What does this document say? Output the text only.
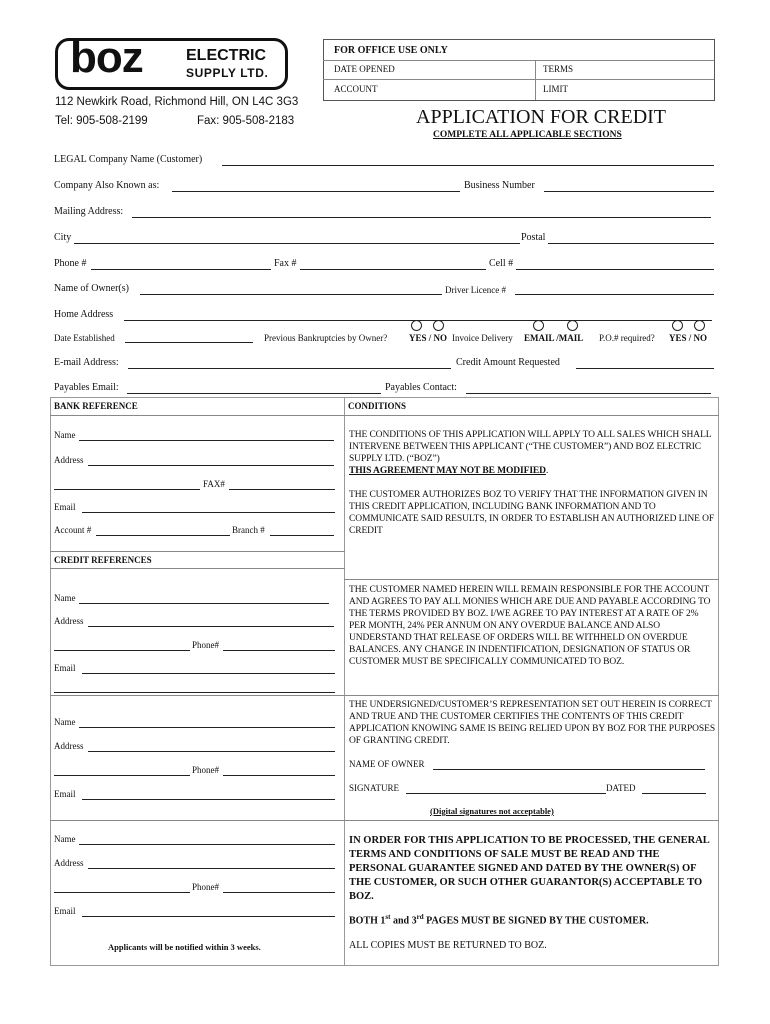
boz	ELECTRIC
SUPPLY LTD.
112 Newkirk Road, Richmond Hill, ON L4C 3G3
Tel: 905-508-2199	Fax: 905-508-2183
FOR OFFICE USE ONLY
DATE OPENED	TERMS
ACCOUNT	LIMIT
APPLICATION FOR CREDIT
COMPLETE ALL APPLICABLE SECTIONS
LEGAL Company Name (Customer)
Company Also Known as:	Business Number
Mailing Address:
City	Postal
Phone #	Fax #	Cell #
Name of Owner(s)	Driver Licence #
Home Address
Date Established	Previous Bankruptcies by Owner? YES / NO Invoice Delivery EMAIL /MAIL P.O.# required? YES / NO
E-mail Address:	Credit Amount Requested
Payables Email:	Payables Contact:
BANK REFERENCE	CONDITIONS
Name
Address
FAX#
Email
Account #	Branch #
CREDIT REFERENCES
Name
Address
Phone#
Email
Name
Address
Phone#
Email
Name
Address
Phone#
Email
Applicants will be notified within 3 weeks.
THE CONDITIONS OF THIS APPLICATION WILL APPLY TO ALL SALES WHICH SHALL INTERVENE BETWEEN THIS APPLICANT (“THE CUSTOMER”) AND BOZ ELECTRIC SUPPLY LTD. (“BOZ”)
THIS AGREEMENT MAY NOT BE MODIFIED.
THE CUSTOMER AUTHORIZES BOZ TO VERIFY THAT THE INFORMATION GIVEN IN THIS CREDIT APPLICATION, INCLUDING BANK INFORMATION AND TO COMMUNICATE SAID RESULTS, IN ORDER TO ESTABLISH AN AUTHORIZED LINE OF CREDIT
THE CUSTOMER NAMED HEREIN WILL REMAIN RESPONSIBLE FOR THE ACCOUNT AND AGREES TO PAY ALL MONIES WHICH ARE DUE AND PAYABLE ACCORDING TO THE TERMS PROVIDED BY BOZ. I/WE AGREE TO PAY INTEREST AT A RATE OF 2% PER MONTH, 24% PER ANNUM ON ANY OVERDUE BALANCE AND ALSO UNDERSTAND THAT RELEASE OF ORDERS WILL BE WITHHELD ON OVERDUE BALANCES. ANY CHANGE IN INDENTIFICATION, DESIGNATION OF STATUS OR CUSTOMER MUST BE SPECIFICALLY COMMUNICATED TO BOZ.
THE UNDERSIGNED/CUSTOMER’S REPRESENTATION SET OUT HEREIN IS CORRECT AND TRUE AND THE CUSTOMER CERTIFIES THE CONTENTS OF THIS CREDIT APPLICATION KNOWING SAME IS BEING RELIED UPON BY BOZ FOR THE PURPOSES OF GRANTING CREDIT.
NAME OF OWNER
SIGNATURE	DATED
(Digital signatures not acceptable)
IN ORDER FOR THIS APPLICATION TO BE PROCESSED, THE GENERAL TERMS AND CONDITIONS OF SALE MUST BE READ AND THE PERSONAL GUARANTEE SIGNED AND DATED BY THE OWNER(S) OF THE CUSTOMER, OR SUCH OTHER GUARANTOR(S) ACCEPTABLE TO BOZ.
BOTH 1st and 3rd PAGES MUST BE SIGNED BY THE CUSTOMER.
ALL COPIES MUST BE RETURNED TO BOZ.
